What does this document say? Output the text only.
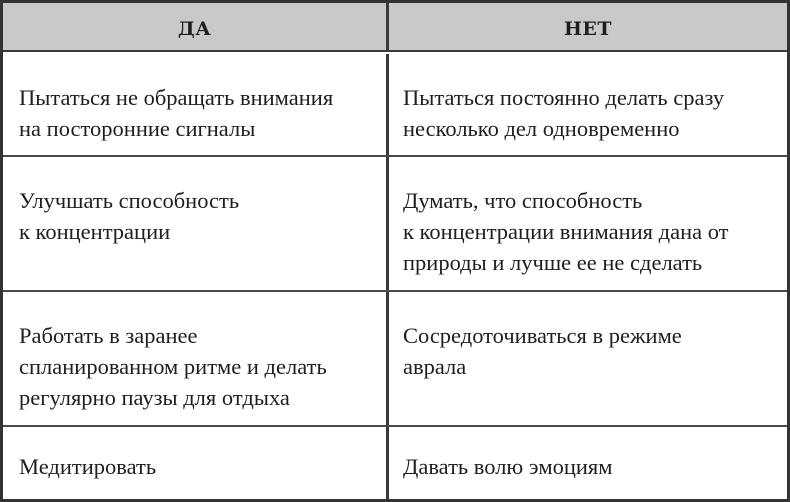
ДА	НЕТ
Пытаться не обращать внимания
на посторонние сигналы
Пытаться постоянно делать сразу
несколько дел одновременно
Улучшать способность
к концентрации
Думать, что способность
к концентрации внимания дана от
природы и лучше ее не сделать
Работать в заранее
спланированном ритме и делать
регулярно паузы для отдыха
Сосредоточиваться в режиме
аврала
Медитировать	Давать волю эмоциям
